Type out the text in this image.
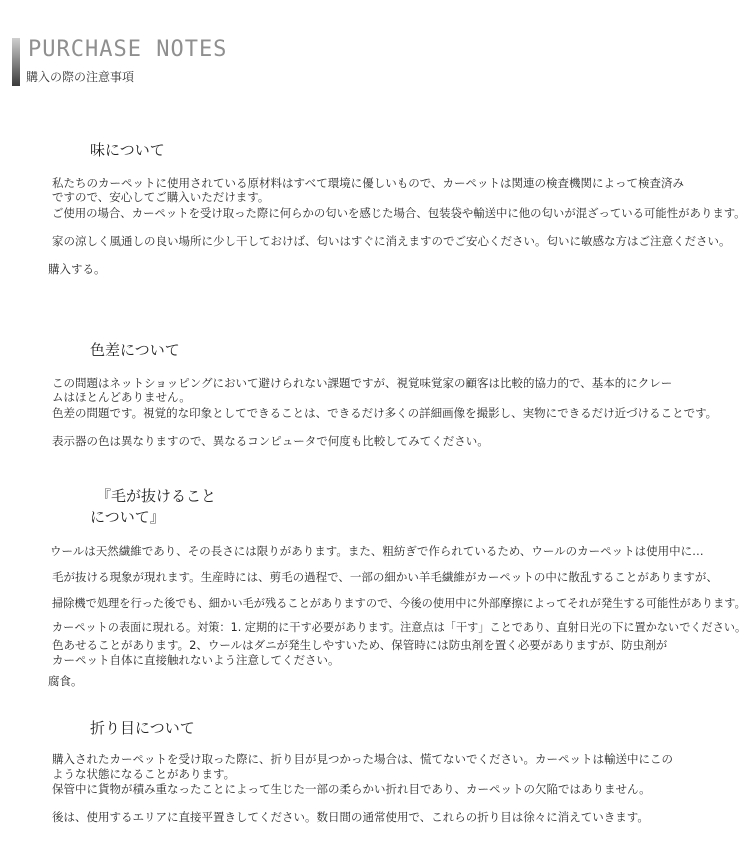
PURCHASE NOTES
購入の際の注意事項
味について
私たちのカーペットに使用されている原材料はすべて環境に優しいもので、カーペットは関連の検査機関によって検査済み
ですので、安心してご購入いただけます。
ご使用の場合、カーペットを受け取った際に何らかの匂いを感じた場合、包装袋や輸送中に他の匂いが混ざっている可能性があります。
家の涼しく風通しの良い場所に少し干しておけば、匂いはすぐに消えますのでご安心ください。匂いに敏感な方はご注意ください。
購入する。
色差について
この問題はネットショッピングにおいて避けられない課題ですが、視覚味覚家の顧客は比較的協力的で、基本的にクレー
ムはほとんどありません。
色差の問題です。視覚的な印象としてできることは、できるだけ多くの詳細画像を撮影し、実物にできるだけ近づけることです。
表示器の色は異なりますので、異なるコンピュータで何度も比較してみてください。
『毛が抜けること
について』
ウールは天然繊維であり、その長さには限りがあります。また、粗紡ぎで作られているため、ウールのカーペットは使用中に…
毛が抜ける現象が現れます。生産時には、剪毛の過程で、一部の細かい羊毛繊維がカーペットの中に散乱することがありますが、
掃除機で処理を行った後でも、細かい毛が残ることがありますので、今後の使用中に外部摩擦によってそれが発生する可能性があります。
カーペットの表面に現れる。対策：1. 定期的に干す必要があります。注意点は「干す」ことであり、直射日光の下に置かないでください。
色あせることがあります。2、ウールはダニが発生しやすいため、保管時には防虫剤を置く必要がありますが、防虫剤が
カーペット自体に直接触れないよう注意してください。
腐食。
折り目について
購入されたカーペットを受け取った際に、折り目が見つかった場合は、慌てないでください。カーペットは輸送中にこの
ような状態になることがあります。
保管中に貨物が積み重なったことによって生じた一部の柔らかい折れ目であり、カーペットの欠陥ではありません。
後は、使用するエリアに直接平置きしてください。数日間の通常使用で、これらの折り目は徐々に消えていきます。
